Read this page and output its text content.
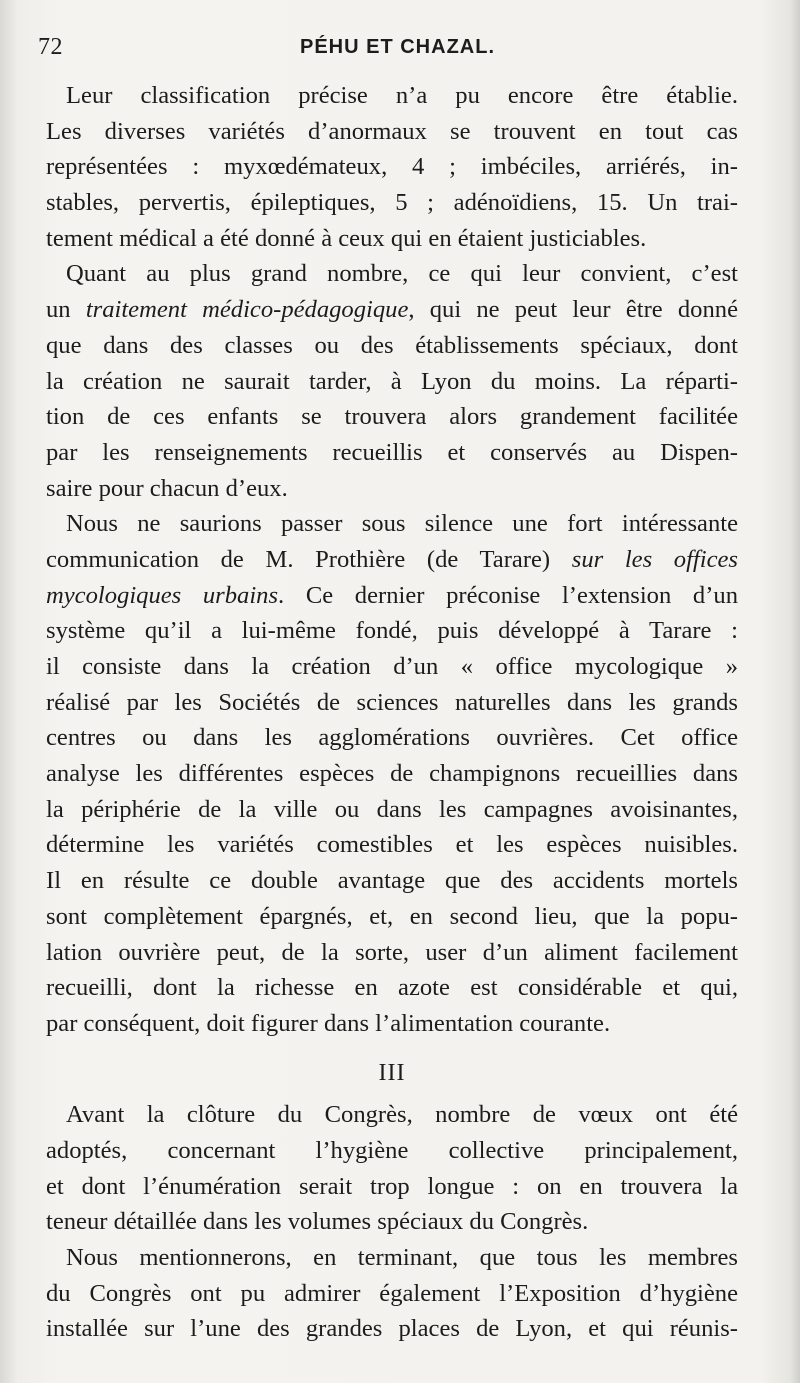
72	PÉHU ET CHAZAL.
Leur classification précise n’a pu encore être établie.
Les diverses variétés d’anormaux se trouvent en tout cas
représentées : myxœdémateux, 4 ; imbéciles, arriérés, in-
stables, pervertis, épileptiques, 5 ; adénoïdiens, 15. Un trai-
tement médical a été donné à ceux qui en étaient justiciables.
Quant au plus grand nombre, ce qui leur convient, c’est
un traitement médico-pédagogique, qui ne peut leur être donné
que dans des classes ou des établissements spéciaux, dont
la création ne saurait tarder, à Lyon du moins. La réparti-
tion de ces enfants se trouvera alors grandement facilitée
par les renseignements recueillis et conservés au Dispen-
saire pour chacun d’eux.
Nous ne saurions passer sous silence une fort intéressante
communication de M. Prothière (de Tarare) sur les offices
mycologiques urbains. Ce dernier préconise l’extension d’un
système qu’il a lui-même fondé, puis développé à Tarare :
il consiste dans la création d’un « office mycologique »
réalisé par les Sociétés de sciences naturelles dans les grands
centres ou dans les agglomérations ouvrières. Cet office
analyse les différentes espèces de champignons recueillies dans
la périphérie de la ville ou dans les campagnes avoisinantes,
détermine les variétés comestibles et les espèces nuisibles.
Il en résulte ce double avantage que des accidents mortels
sont complètement épargnés, et, en second lieu, que la popu-
lation ouvrière peut, de la sorte, user d’un aliment facilement
recueilli, dont la richesse en azote est considérable et qui,
par conséquent, doit figurer dans l’alimentation courante.
III
Avant la clôture du Congrès, nombre de vœux ont été
adoptés, concernant l’hygiène collective principalement,
et dont l’énumération serait trop longue : on en trouvera la
teneur détaillée dans les volumes spéciaux du Congrès.
Nous mentionnerons, en terminant, que tous les membres
du Congrès ont pu admirer également l’Exposition d’hygiène
installée sur l’une des grandes places de Lyon, et qui réunis-
